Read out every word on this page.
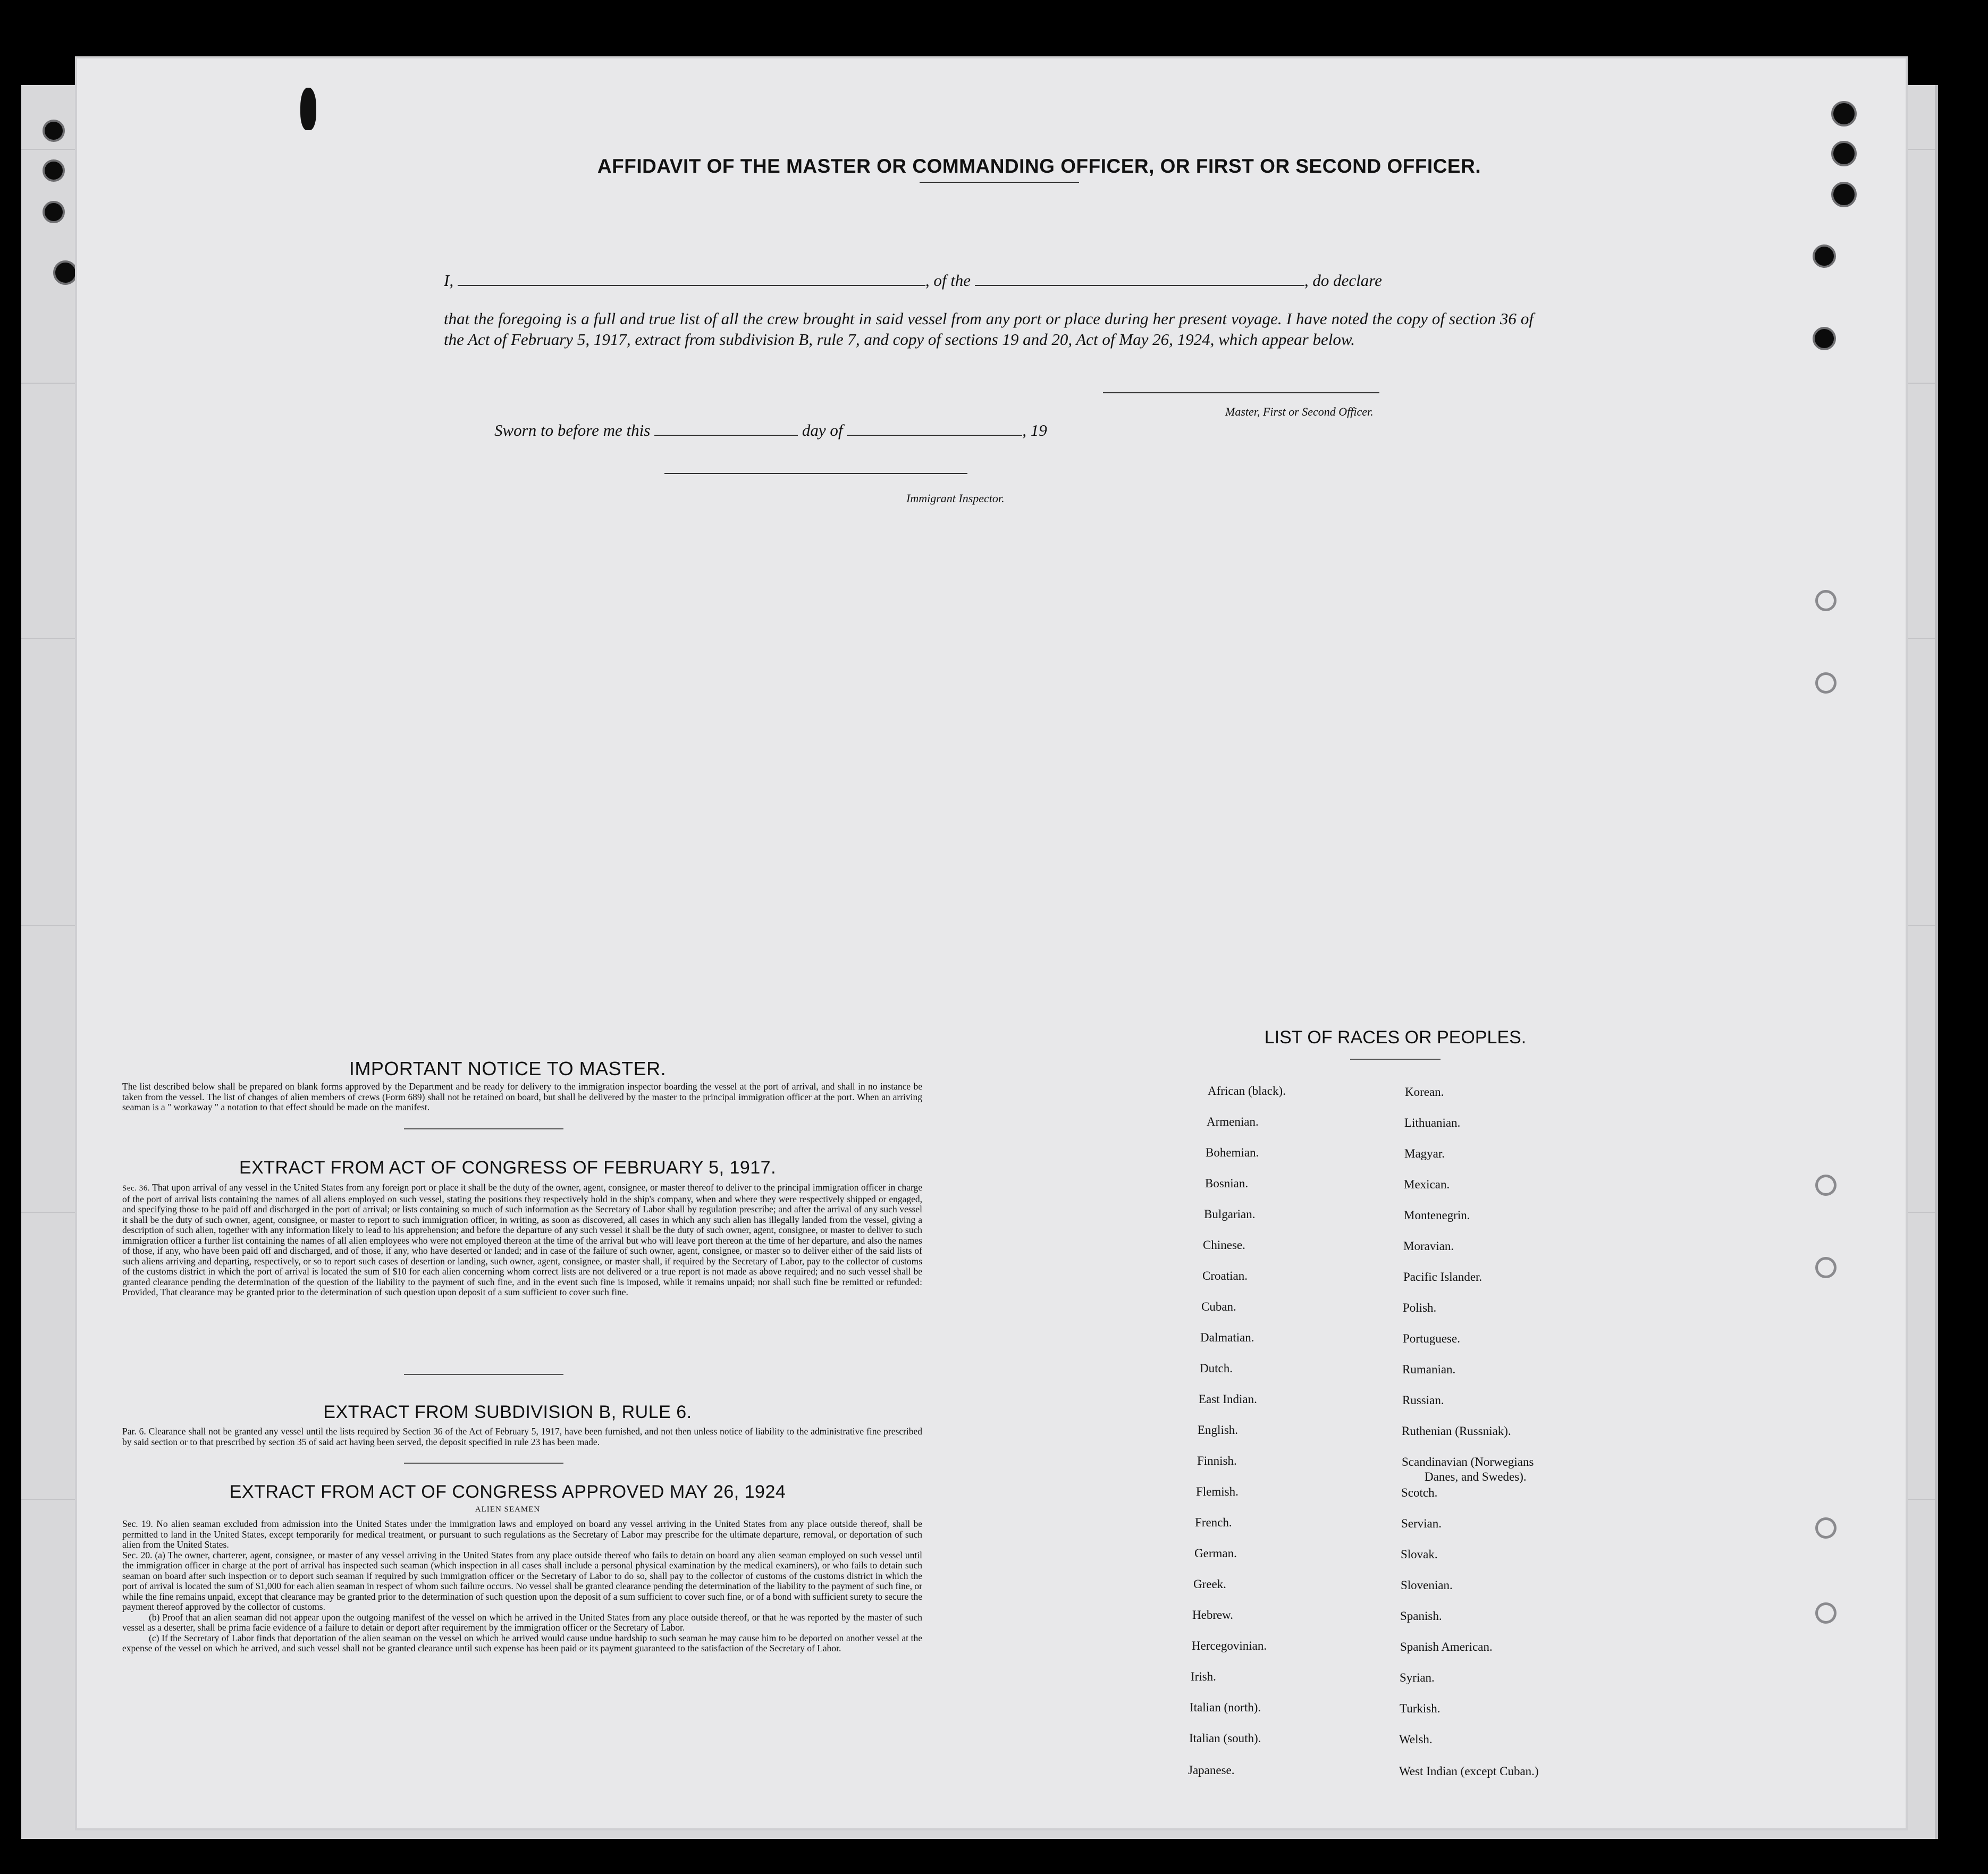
AFFIDAVIT OF THE MASTER OR COMMANDING OFFICER, OR FIRST OR SECOND OFFICER.
I,	, of the	, do declare
that the foregoing is a full and true list of all the crew brought in said vessel from any port or place during her present voyage. I have noted the copy of section 36 of the Act of February 5, 1917, extract from subdivision B, rule 7, and copy of sections 19 and 20, Act of May 26, 1924, which appear below.
Master, First or Second Officer.
Sworn to before me this	day of	, 19
Immigrant Inspector.
IMPORTANT NOTICE TO MASTER.
The list described below shall be prepared on blank forms approved by the Department and be ready for delivery to the immigration inspector boarding the vessel at the port of arrival, and shall in no instance be taken from the vessel. The list of changes of alien members of crews (Form 689) shall not be retained on board, but shall be delivered by the master to the principal immigration officer at the port. When an arriving seaman is a " workaway " a notation to that effect should be made on the manifest.
EXTRACT FROM ACT OF CONGRESS OF FEBRUARY 5, 1917.
Sec. 36. That upon arrival of any vessel in the United States from any foreign port or place it shall be the duty of the owner, agent, consignee, or master thereof to deliver to the principal immigration officer in charge of the port of arrival lists containing the names of all aliens employed on such vessel, stating the positions they respectively hold in the ship's company, when and where they were respectively shipped or engaged, and specifying those to be paid off and discharged in the port of arrival; or lists containing so much of such information as the Secretary of Labor shall by regulation prescribe; and after the arrival of any such vessel it shall be the duty of such owner, agent, consignee, or master to report to such immigration officer, in writing, as soon as discovered, all cases in which any such alien has illegally landed from the vessel, giving a description of such alien, together with any information likely to lead to his apprehension; and before the departure of any such vessel it shall be the duty of such owner, agent, consignee, or master to deliver to such immigration officer a further list containing the names of all alien employees who were not employed thereon at the time of the arrival but who will leave port thereon at the time of her departure, and also the names of those, if any, who have been paid off and discharged, and of those, if any, who have deserted or landed; and in case of the failure of such owner, agent, consignee, or master so to deliver either of the said lists of such aliens arriving and departing, respectively, or so to report such cases of desertion or landing, such owner, agent, consignee, or master shall, if required by the Secretary of Labor, pay to the collector of customs of the customs district in which the port of arrival is located the sum of $10 for each alien concerning whom correct lists are not delivered or a true report is not made as above required; and no such vessel shall be granted clearance pending the determination of the question of the liability to the payment of such fine, and in the event such fine is imposed, while it remains unpaid; nor shall such fine be remitted or refunded: Provided, That clearance may be granted prior to the determination of such question upon deposit of a sum sufficient to cover such fine.
EXTRACT FROM SUBDIVISION B, RULE 6.
Par. 6. Clearance shall not be granted any vessel until the lists required by Section 36 of the Act of February 5, 1917, have been furnished, and not then unless notice of liability to the administrative fine prescribed by said section or to that prescribed by section 35 of said act having been served, the deposit specified in rule 23 has been made.
EXTRACT FROM ACT OF CONGRESS APPROVED MAY 26, 1924
ALIEN SEAMEN
Sec. 19. No alien seaman excluded from admission into the United States under the immigration laws and employed on board any vessel arriving in the United States from any place outside thereof, shall be permitted to land in the United States, except temporarily for medical treatment, or pursuant to such regulations as the Secretary of Labor may prescribe for the ultimate departure, removal, or deportation of such alien from the United States.
Sec. 20. (a) The owner, charterer, agent, consignee, or master of any vessel arriving in the United States from any place outside thereof who fails to detain on board any alien seaman employed on such vessel until the immigration officer in charge at the port of arrival has inspected such seaman (which inspection in all cases shall include a personal physical examination by the medical examiners), or who fails to detain such seaman on board after such inspection or to deport such seaman if required by such immigration officer or the Secretary of Labor to do so, shall pay to the collector of customs of the customs district in which the port of arrival is located the sum of $1,000 for each alien seaman in respect of whom such failure occurs. No vessel shall be granted clearance pending the determination of the liability to the payment of such fine, or while the fine remains unpaid, except that clearance may be granted prior to the determination of such question upon the deposit of a sum sufficient to cover such fine, or of a bond with sufficient surety to secure the payment thereof approved by the collector of customs.
(b) Proof that an alien seaman did not appear upon the outgoing manifest of the vessel on which he arrived in the United States from any place outside thereof, or that he was reported by the master of such vessel as a deserter, shall be prima facie evidence of a failure to detain or deport after requirement by the immigration officer or the Secretary of Labor.
(c) If the Secretary of Labor finds that deportation of the alien seaman on the vessel on which he arrived would cause undue hardship to such seaman he may cause him to be deported on another vessel at the expense of the vessel on which he arrived, and such vessel shall not be granted clearance until such expense has been paid or its payment guaranteed to the satisfaction of the Secretary of Labor.
LIST OF RACES OR PEOPLES.
African (black).
Armenian.
Bohemian.
Bosnian.
Bulgarian.
Chinese.
Croatian.
Cuban.
Dalmatian.
Dutch.
East Indian.
English.
Finnish.
Flemish.
French.
German.
Greek.
Hebrew.
Hercegovinian.
Irish.
Italian (north).
Italian (south).
Japanese.
Korean.
Lithuanian.
Magyar.
Mexican.
Montenegrin.
Moravian.
Pacific Islander.
Polish.
Portuguese.
Rumanian.
Russian.
Ruthenian (Russniak).
Scandinavian (Norwegians
Danes, and Swedes).
Scotch.
Servian.
Slovak.
Slovenian.
Spanish.
Spanish American.
Syrian.
Turkish.
Welsh.
West Indian (except Cuban.)
